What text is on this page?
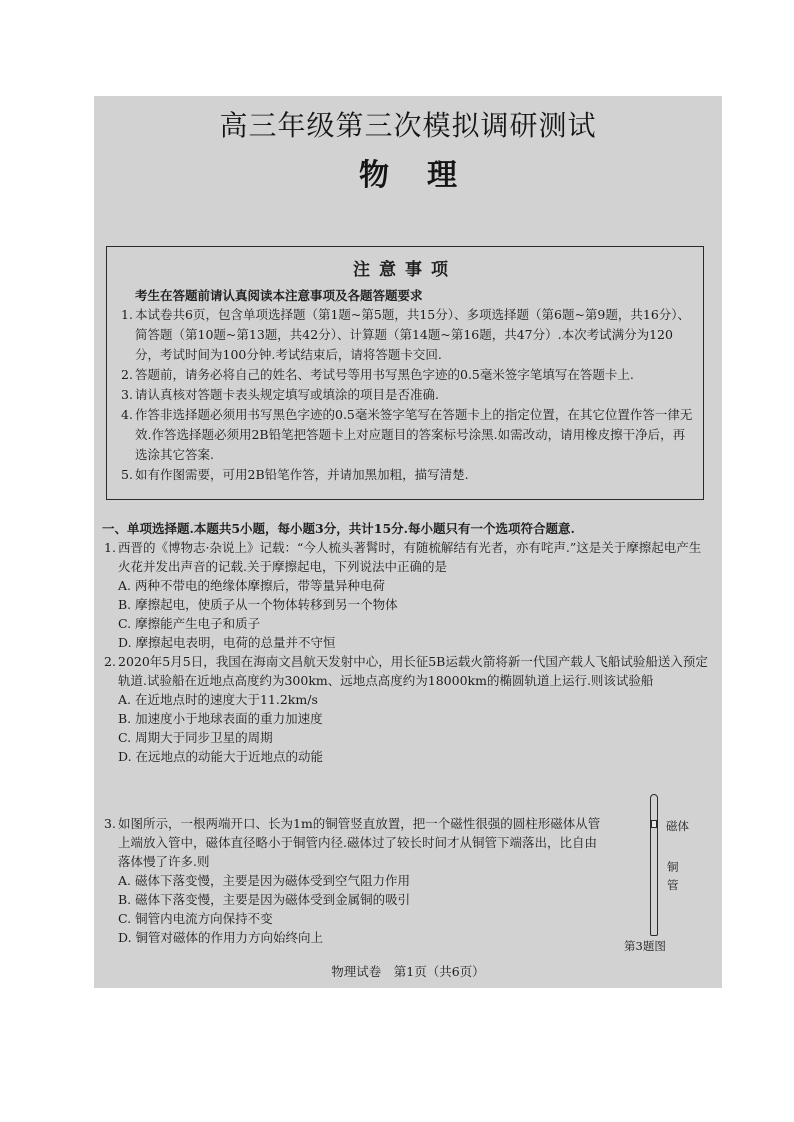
高三年级第三次模拟调研测试
物理
注意事项
考生在答题前请认真阅读本注意事项及各题答题要求
1. 本试卷共6页，包含单项选择题（第1题~第5题，共15分）、多项选择题（第6题~第9题，共16分）、简答题（第10题~第13题，共42分）、计算题（第14题~第16题，共47分）.本次考试满分为120分，考试时间为100分钟.考试结束后，请将答题卡交回.
2. 答题前，请务必将自己的姓名、考试号等用书写黑色字迹的0.5毫米签字笔填写在答题卡上.
3. 请认真核对答题卡表头规定填写或填涂的项目是否准确.
4. 作答非选择题必须用书写黑色字迹的0.5毫米签字笔写在答题卡上的指定位置，在其它位置作答一律无效.作答选择题必须用2B铅笔把答题卡上对应题目的答案标号涂黑.如需改动，请用橡皮擦干净后，再选涂其它答案.
5. 如有作图需要，可用2B铅笔作答，并请加黑加粗，描写清楚.
一、单项选择题.本题共5小题，每小题3分，共计15分.每小题只有一个选项符合题意.
1. 西晋的《博物志·杂说上》记载：“今人梳头著髾时，有随梳解结有光者，亦有咤声.”这是关于摩擦起电产生火花并发出声音的记载.关于摩擦起电，下列说法中正确的是
A. 两种不带电的绝缘体摩擦后，带等量异种电荷
B. 摩擦起电，使质子从一个物体转移到另一个物体
C. 摩擦能产生电子和质子
D. 摩擦起电表明，电荷的总量并不守恒
2. 2020年5月5日，我国在海南文昌航天发射中心，用长征5B运载火箭将新一代国产载人飞船试验船送入预定轨道.试验船在近地点高度约为300km、远地点高度约为18000km的椭圆轨道上运行.则该试验船
A. 在近地点时的速度大于11.2km/s
B. 加速度小于地球表面的重力加速度
C. 周期大于同步卫星的周期
D. 在远地点的动能大于近地点的动能
3. 如图所示，一根两端开口、长为1m的铜管竖直放置，把一个磁性很强的圆柱形磁体从管上端放入管中，磁体直径略小于铜管内径.磁体过了较长时间才从铜管下端落出，比自由落体慢了许多.则
A. 磁体下落变慢，主要是因为磁体受到空气阻力作用
B. 磁体下落变慢，主要是因为磁体受到金属铜的吸引
C. 铜管内电流方向保持不变
D. 铜管对磁体的作用力方向始终向上
磁体
铜管
第3题图
物理试卷　第1页（共6页）
